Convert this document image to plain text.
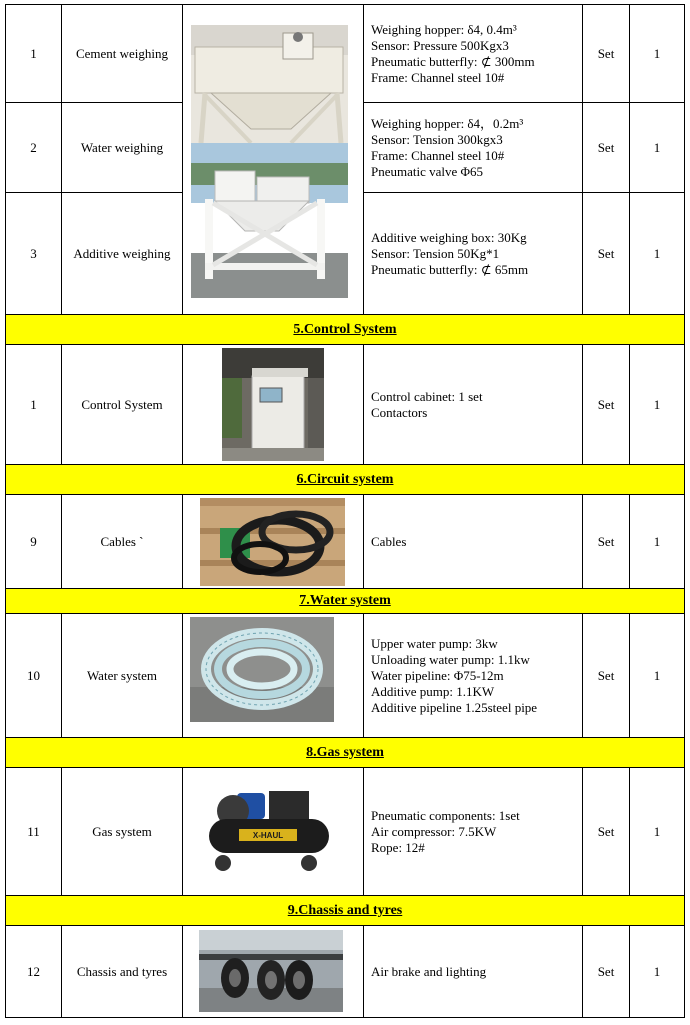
1	Cement weighing		Weighing hopper: δ4, 0.4m³
Sensor: Pressure 500Kgx3
Pneumatic butterfly: ⊄ 300mm
Frame: Channel steel 10#	Set	1
2	Water weighing		Weighing hopper: δ4，0.2m³
Sensor: Tension 300kgx3
Frame: Channel steel 10#
Pneumatic valve Φ65	Set	1
3	Additive weighing		Additive weighing box: 30Kg
Sensor: Tension 50Kg*1
Pneumatic butterfly: ⊄ 65mm	Set	1
5.Control System					
1	Control System		Control cabinet: 1 set
Contactors	Set	1
6.Circuit system					
9	Cables `		Cables	Set	1
7.Water system					
10	Water system		Upper water pump: 3kw
Unloading water pump: 1.1kw
Water pipeline: Φ75-12m
Additive pump: 1.1KW
Additive pipeline 1.25steel pipe	Set	1
8.Gas system					
11	Gas system	X-HAUL	Pneumatic components: 1set
Air compressor: 7.5KW
Rope: 12#	Set	1
9.Chassis and tyres					
12	Chassis and tyres		Air brake and lighting	Set	1
